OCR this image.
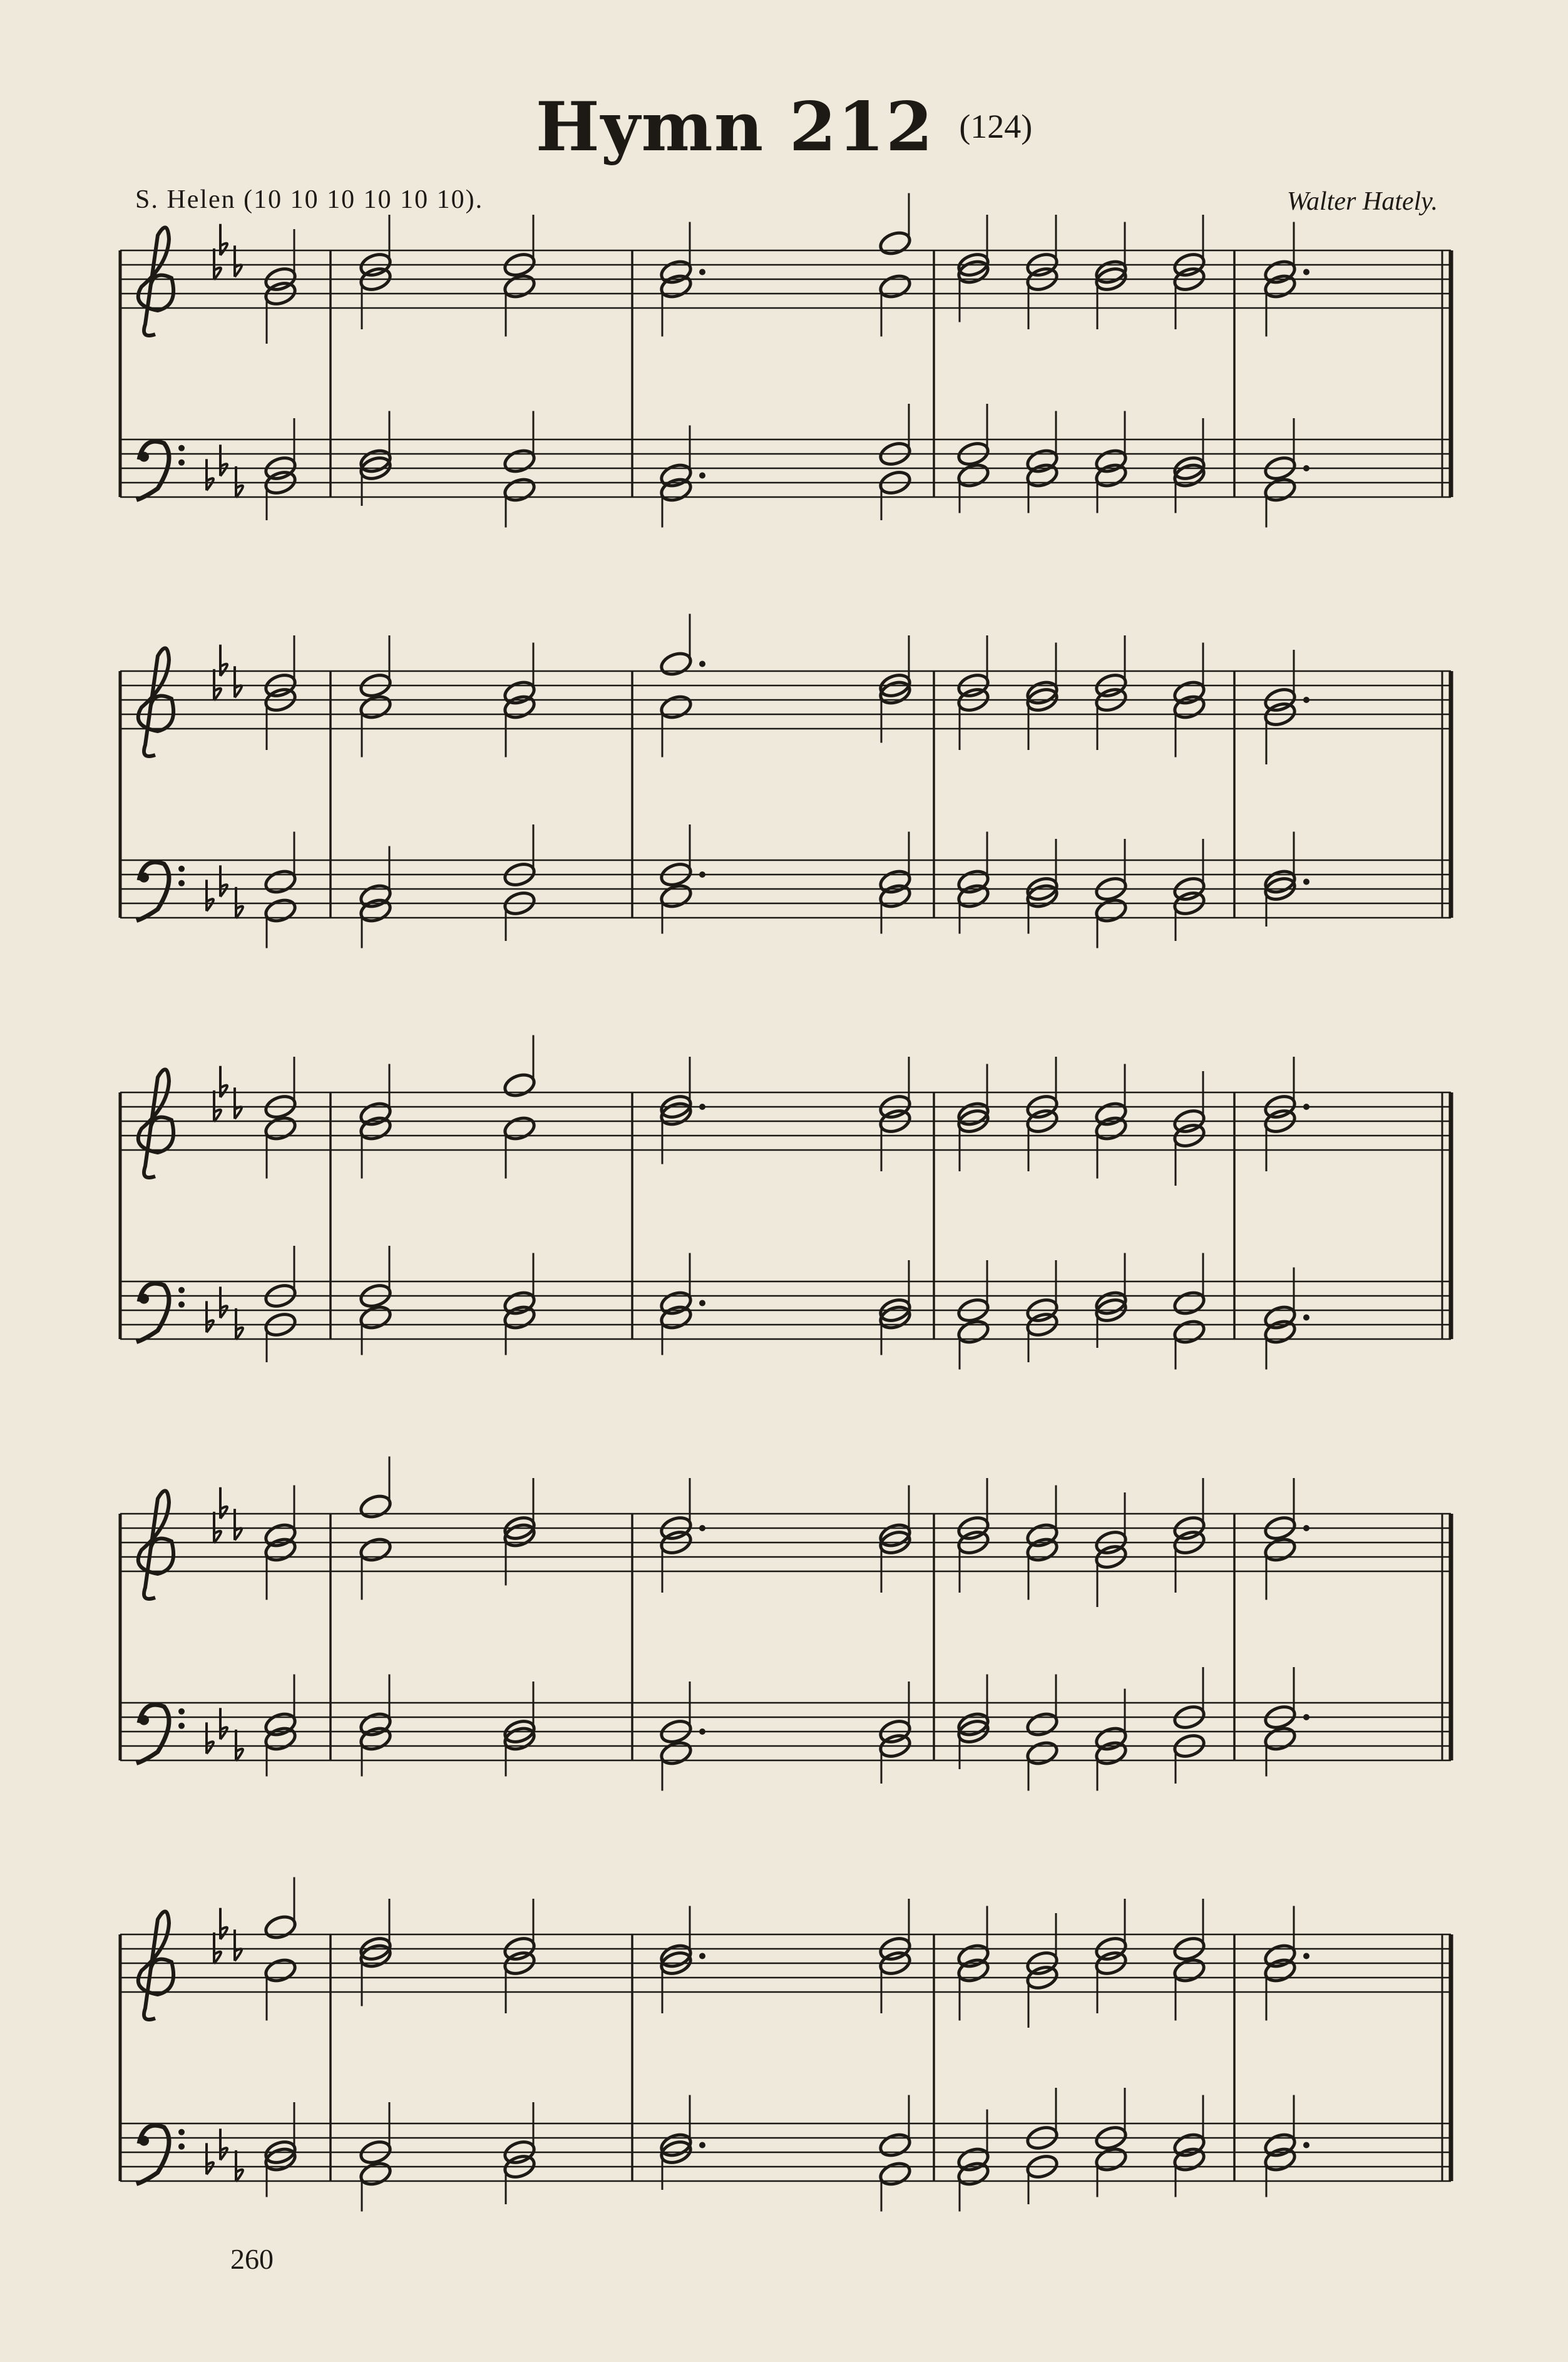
Hymn 212 (124)
S. Helen (10 10 10 10 10 10).	Walter Hately.
260
